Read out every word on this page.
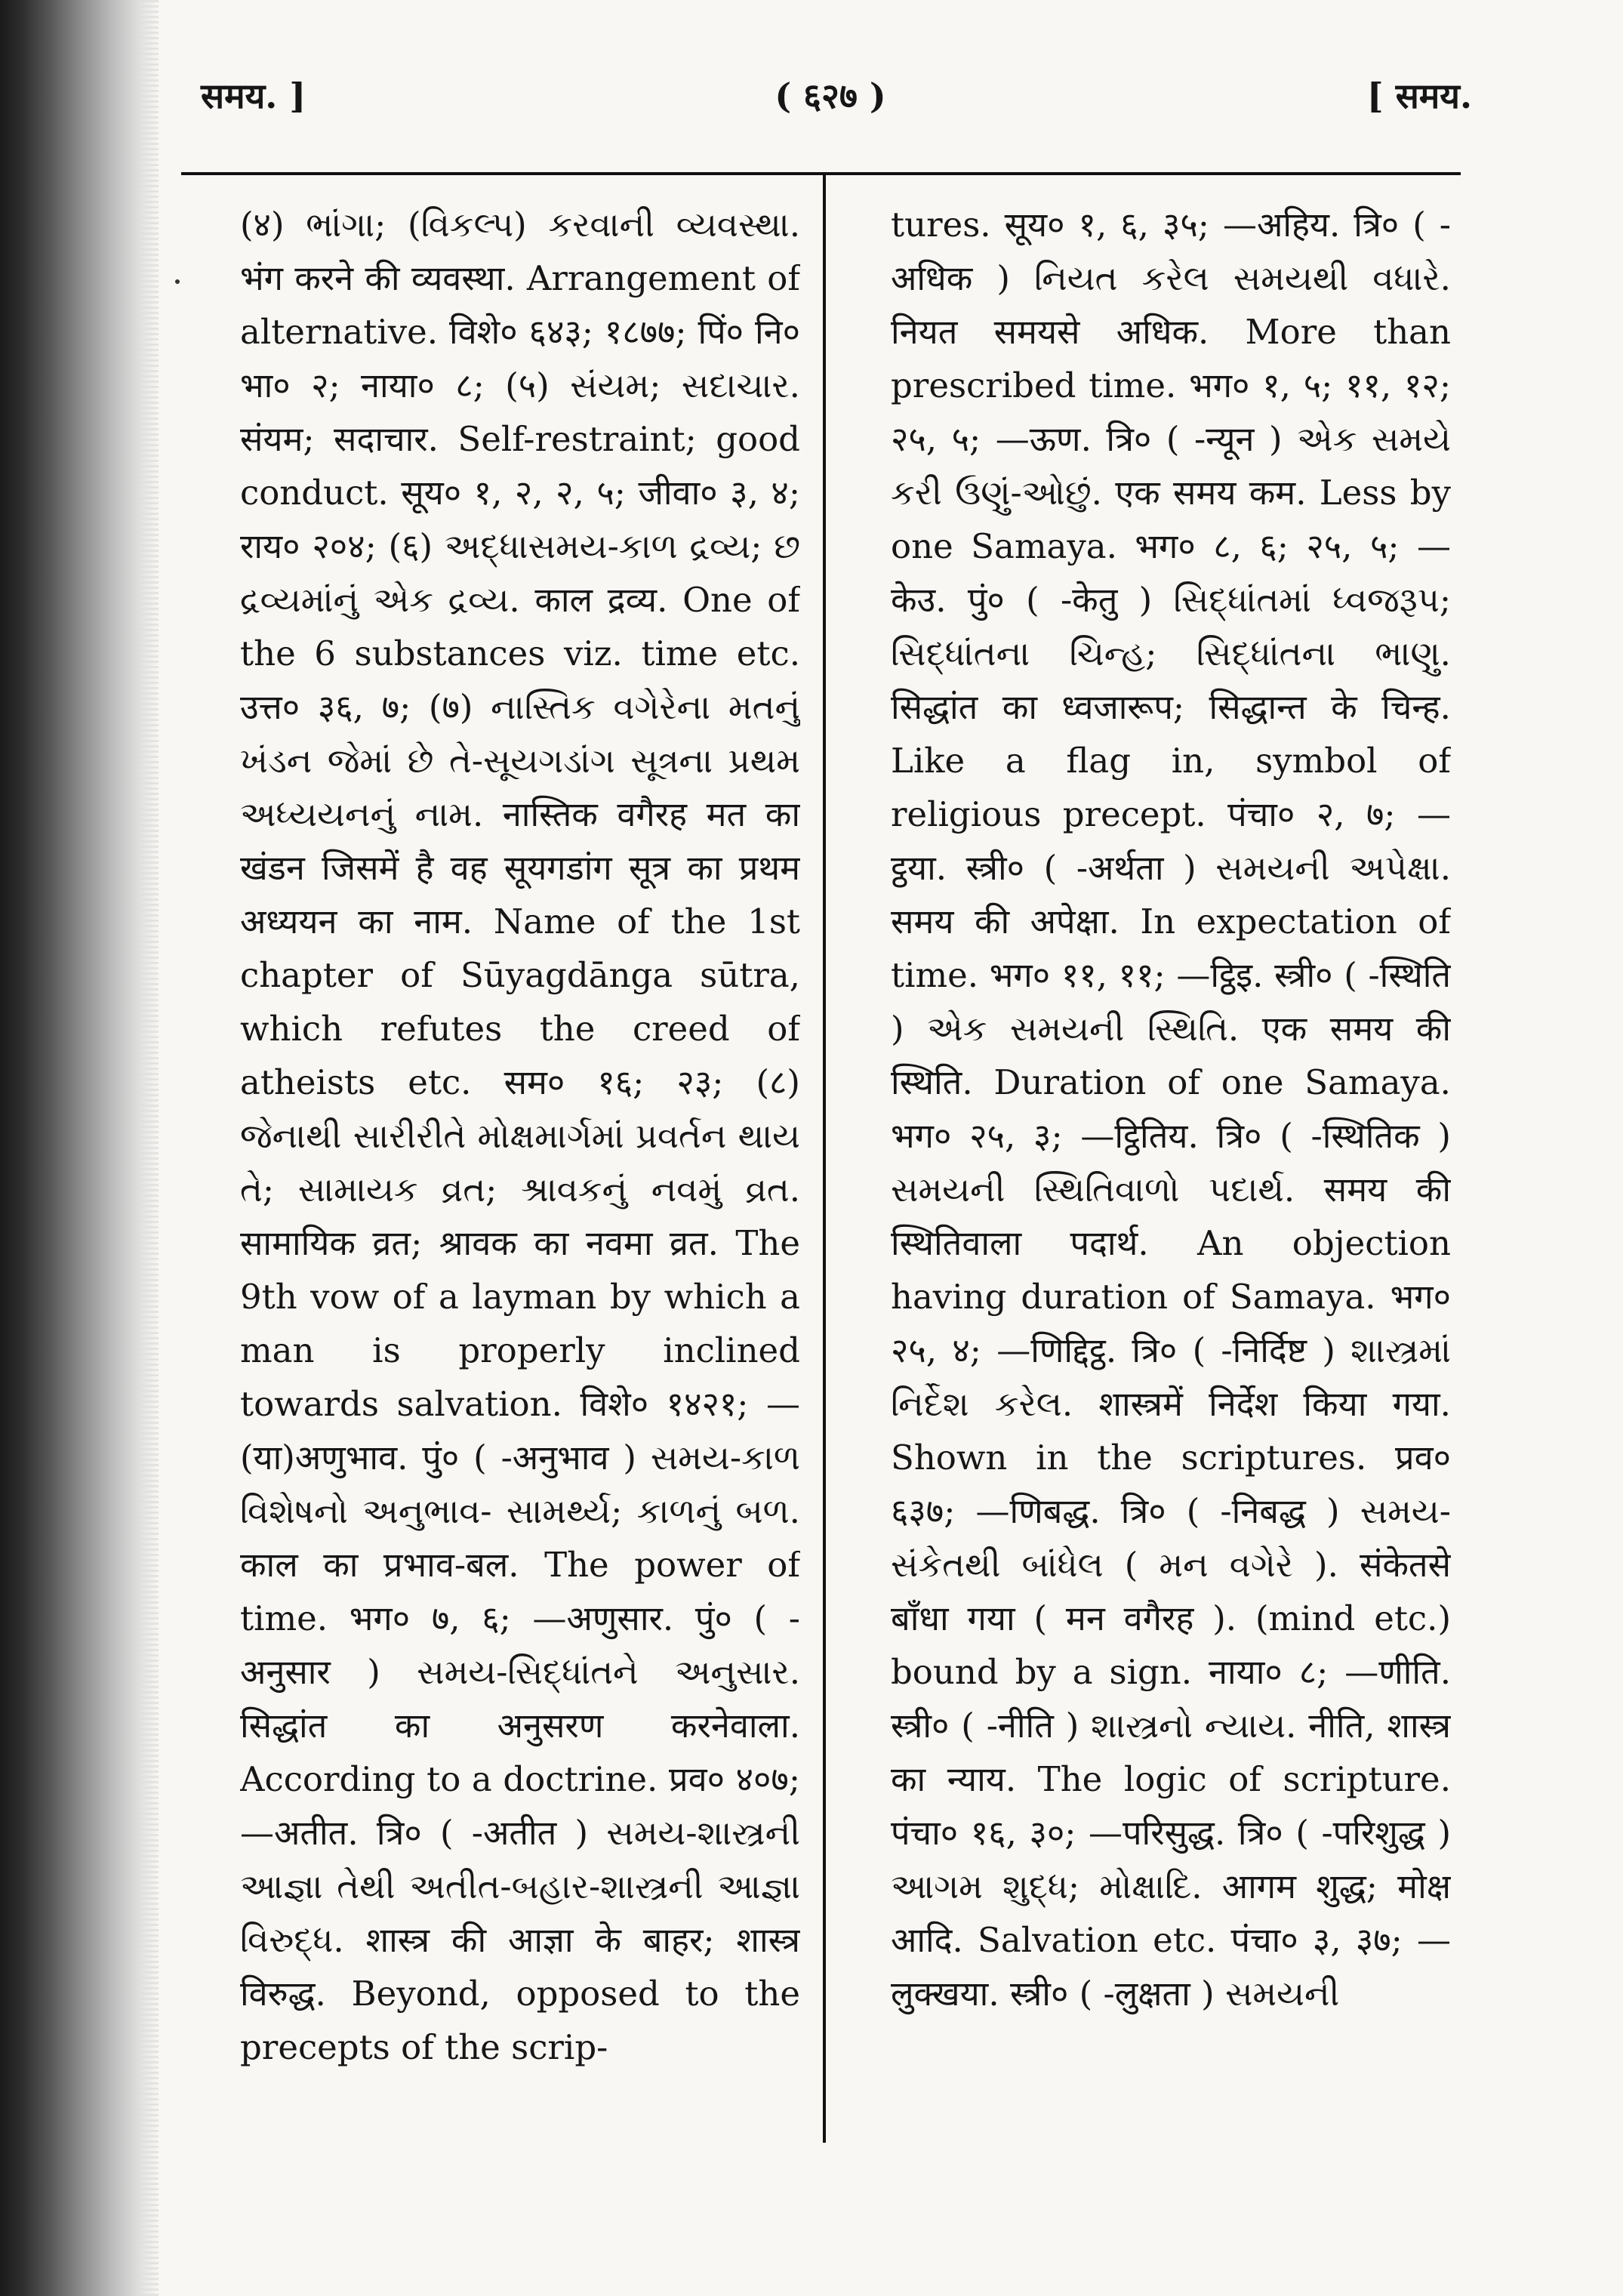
समय. ]	( ६२७ )	[ समय.

(४) ભાંગા; (વિકલ્પ) કરવાની વ્યવસ્થા. भंग करने की व्यवस्था. Arrangement of alternative. विशे० ६४३; १८७७; पिं० नि० भा० २; नाया० ८; (५) સંયમ; સદાચાર. संयम; सदाचार. Self-restraint; good conduct. सूय० १, २, २, ५; जीवा० ३, ४; राय० २०४; (६) અદ્ધાસમય-કાળ દ્રવ્ય; છ દ્રવ્યમાંનું એક દ્રવ્ય. काल द्रव्य. One of the 6 substances viz. time etc. उत्त० ३६, ७; (७) નાસ્તિક વગેરેના મતનું ખંડન જેમાં છે તે-સૂયગડાંગ સૂત્રના પ્રથમ અધ્યયનનું નામ. नास्तिक वगैरह मत का खंडन जिसमें है वह सूयगडांग सूत्र का प्रथम अध्ययन का नाम. Name of the 1st chapter of Sūyagdānga sūtra, which refutes the creed of atheists etc. सम० १६; २३; (८) જેનાથી સારીરીતે મોક્ષમાર્ગમાં પ્રવર્તન થાય તે; સામાયક વ્રત; શ્રાવકનું નવમું વ્રત. सामायिक व्रत; श्रावक का नवमा व्रत. The 9th vow of a layman by which a man is properly inclined towards salvation. विशे० १४२१; —(या)अणुभाव. पुं० ( -अनुभाव ) સમય-કાળ વિશેષનો અનુભાવ- સામર્થ્ય; કાળનું બળ. काल का प्रभाव-बल. The power of time. भग० ७, ६; —अणुसार. पुं० ( -अनुसार ) સમય-સિદ્ધાંતને અનુસાર. सिद्धांत का अनुसरण करनेवाला. According to a doctrine. प्रव० ४०७; —अतीत. त्रि० ( -अतीत ) સમય-શાસ્ત્રની આજ્ઞા તેથી અતીત-બહાર-શાસ્ત્રની આજ્ઞા વિરુદ્ધ. शास्त्र की आज्ञा के बाहर; शास्त्र विरुद्ध. Beyond, opposed to the precepts of the scrip-

tures. सूय० १, ६, ३५; —अहिय. त्रि० ( -अधिक ) નિયત કરેલ સમયથી વધારે. नियत समयसे अधिक. More than prescribed time. भग० १, ५; ११, १२; २५, ५; —ऊण. त्रि० ( -न्यून ) એક સમયે કરી ઉણું-ઓછું. एक समय कम. Less by one Samaya. भग० ८, ६; २५, ५; —केउ. पुं० ( -केतु ) સિદ્ધાંતમાં ધ્વજરૂપ; સિદ્ધાંતના ચિન્હ; સિદ્ધાંતના ભાણુ. सिद्धांत का ध्वजारूप; सिद्धान्त के चिन्ह. Like a flag in, symbol of religious precept. पंचा० २, ७; —ट्ठया. स्त्री० ( -अर्थता ) સમયની અપેક્ષા. समय की अपेक्षा. In expectation of time. भग० ११, ११; —ट्ठिइ. स्त्री० ( -स्थिति ) એક સમયની સ્થિતિ. एक समय की स्थिति. Duration of one Samaya. भग० २५, ३; —ट्ठितिय. त्रि० ( -स्थितिक ) સમયની સ્થિતિવાળો પદાર્થ. समय की स्थितिवाला पदार्थ. An objection having duration of Samaya. भग० २५, ४; —णिद्दिट्ठ. त्रि० ( -निर्दिष्ट ) શાસ્ત્રમાં નિર્દેશ કરેલ. शास्त्रमें निर्देश किया गया. Shown in the scriptures. प्रव० ६३७; —णिबद्ध. त्रि० ( -निबद्ध ) સમય-સંકેતથી બાંધેલ ( મન વગેરે ). संकेतसे बाँधा गया ( मन वगैरह ). (mind etc.) bound by a sign. नाया० ८; —णीति. स्त्री० ( -नीति ) શાસ્ત્રનો ન્યાય. नीति, शास्त्र का न्याय. The logic of scripture. पंचा० १६, ३०; —परिसुद्ध. त्रि० ( -परिशुद्ध ) આગમ શુદ્ધ; મોક્ષાદિ. आगम शुद्ध; मोक्ष आदि. Salvation etc. पंचा० ३, ३७; —लुक्खया. स्त्री० ( -लुक्षता ) સમયની
